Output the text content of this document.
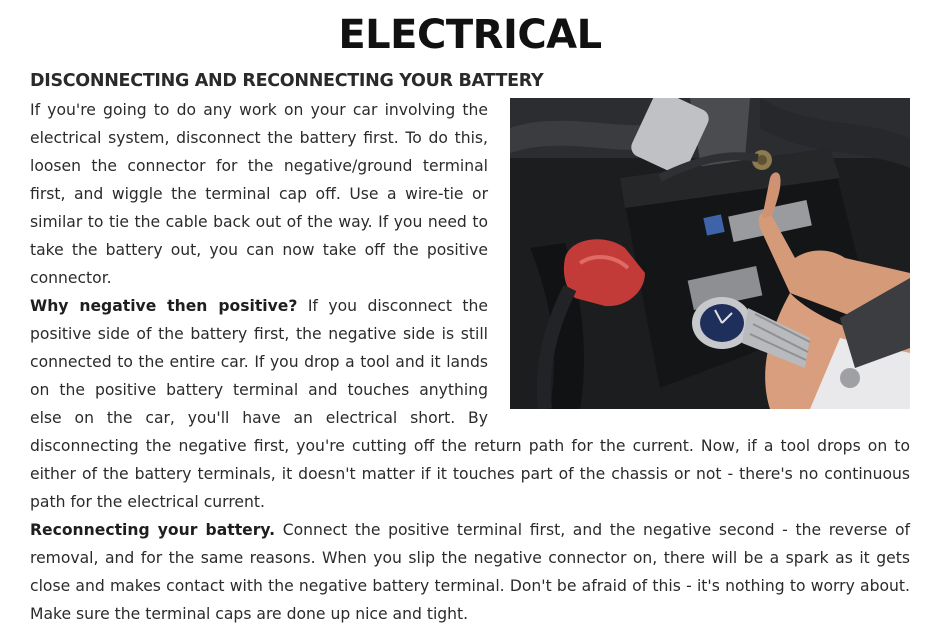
ELECTRICAL
DISCONNECTING AND RECONNECTING YOUR BATTERY

If you're going to do any work on your car involving the electrical system, disconnect the battery first. To do this, loosen the connector for the negative/ground terminal first, and wiggle the terminal cap off. Use a wire-tie or similar to tie the cable back out of the way. If you need to take the battery out, you can now take off the positive connector.

Why negative then positive? If you disconnect the positive side of the battery first, the negative side is still connected to the entire car. If you drop a tool and it lands on the positive battery terminal and touches anything else on the car, you'll have an electrical short. By disconnecting the negative first, you're cutting off the return path for the current. Now, if a tool drops on to either of the battery terminals, it doesn't matter if it touches part of the chassis or not - there's no continuous path for the electrical current.

Reconnecting your battery. Connect the positive terminal first, and the negative second - the reverse of removal, and for the same reasons. When you slip the negative connector on, there will be a spark as it gets close and makes contact with the negative battery terminal. Don't be afraid of this - it's nothing to worry about. Make sure the terminal caps are done up nice and tight.
